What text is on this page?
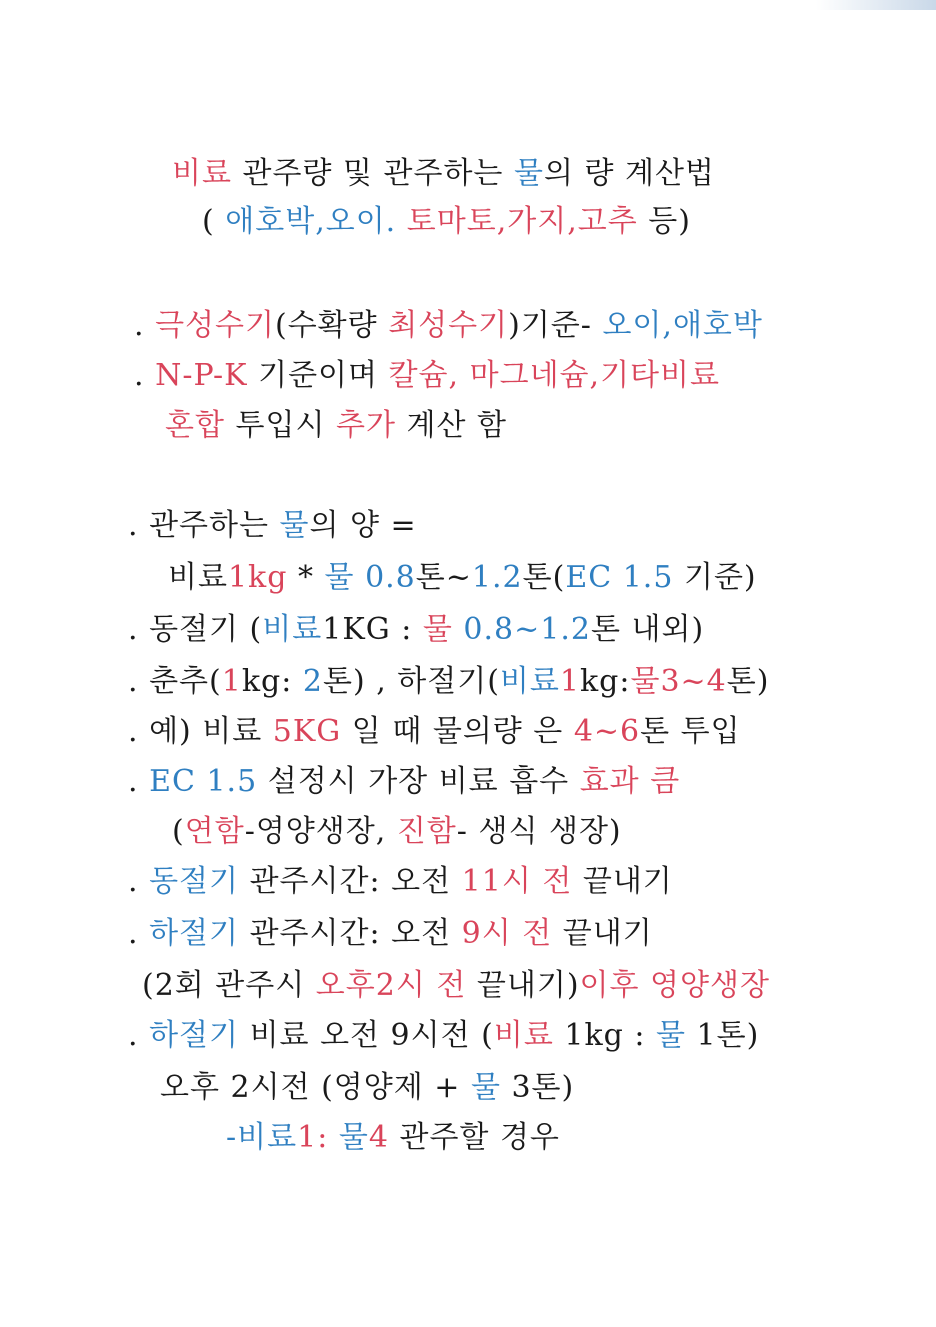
비료 관주량 및 관주하는 물의 량 계산법
( 애호박,오이. 토마토,가지,고추 등)
. 극성수기(수확량 최성수기)기준- 오이,애호박
. N-P-K 기준이며 칼슘, 마그네슘,기타비료
혼합 투입시 추가 계산 함
. 관주하는 물의 양 =
비료1kg * 물 0.8톤~1.2톤(EC 1.5 기준)
. 동절기 (비료1KG : 물 0.8~1.2톤 내외)
. 춘추(1kg: 2톤) , 하절기(비료1kg:물3~4톤)
. 예) 비료 5KG 일 때 물의량 은 4~6톤 투입
. EC 1.5 설정시 가장 비료 흡수 효과 큼
(연함-영양생장, 진함- 생식 생장)
. 동절기 관주시간: 오전 11시 전 끝내기
. 하절기 관주시간: 오전 9시 전 끝내기
(2회 관주시 오후2시 전 끝내기)이후 영양생장
. 하절기 비료 오전 9시전 (비료 1kg : 물 1톤)
오후 2시전 (영양제 + 물 3톤)
-비료1: 물4 관주할 경우
